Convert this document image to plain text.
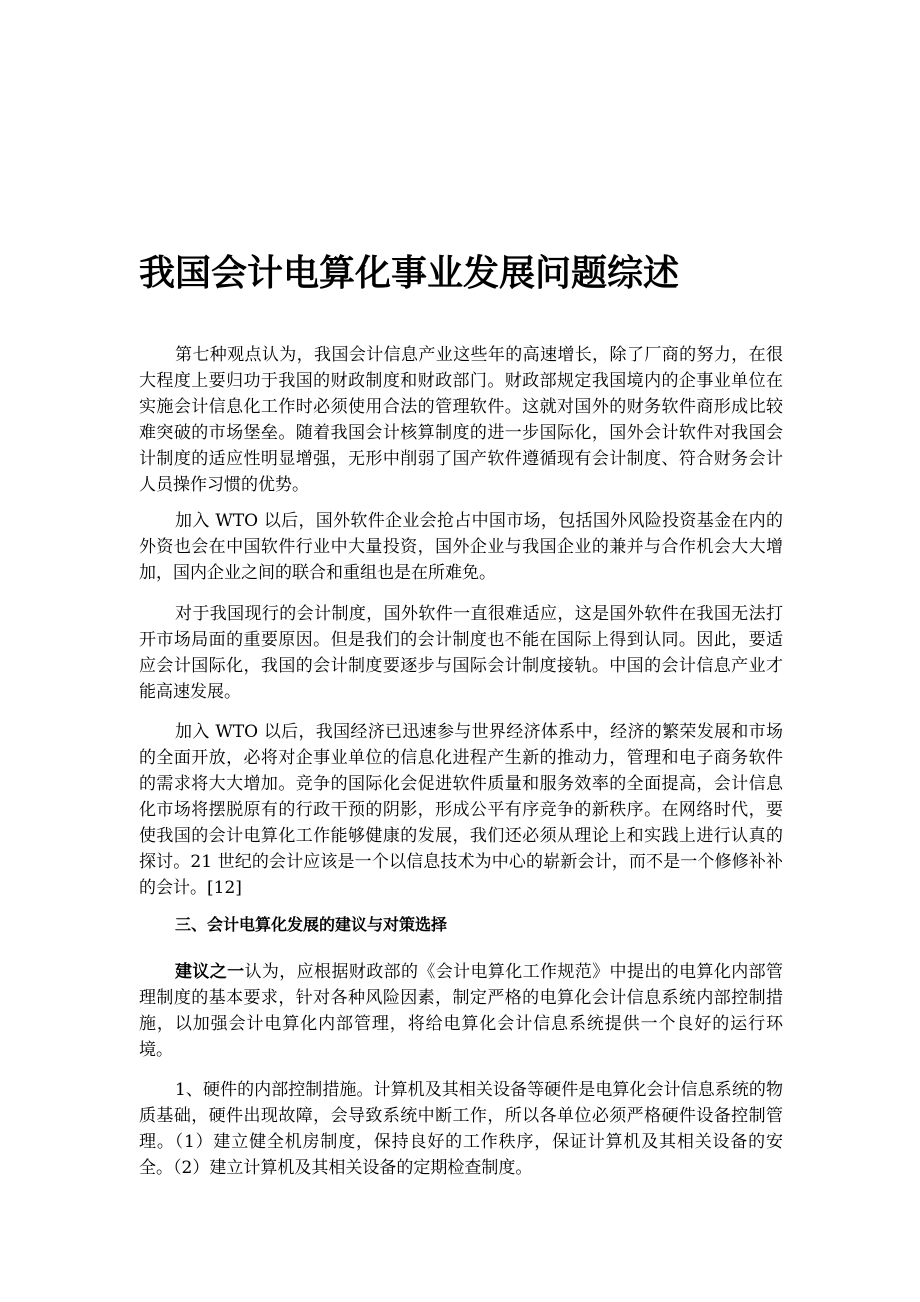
我国会计电算化事业发展问题综述

第七种观点认为，我国会计信息产业这些年的高速增长，除了厂商的努力，在很大程度上要归功于我国的财政制度和财政部门。财政部规定我国境内的企事业单位在实施会计信息化工作时必须使用合法的管理软件。这就对国外的财务软件商形成比较难突破的市场堡垒。随着我国会计核算制度的进一步国际化，国外会计软件对我国会计制度的适应性明显增强，无形中削弱了国产软件遵循现有会计制度、符合财务会计人员操作习惯的优势。

加入 WTO 以后，国外软件企业会抢占中国市场，包括国外风险投资基金在内的外资也会在中国软件行业中大量投资，国外企业与我国企业的兼并与合作机会大大增加，国内企业之间的联合和重组也是在所难免。

对于我国现行的会计制度，国外软件一直很难适应，这是国外软件在我国无法打开市场局面的重要原因。但是我们的会计制度也不能在国际上得到认同。因此，要适应会计国际化，我国的会计制度要逐步与国际会计制度接轨。中国的会计信息产业才能高速发展。

加入 WTO 以后，我国经济已迅速参与世界经济体系中，经济的繁荣发展和市场的全面开放，必将对企事业单位的信息化进程产生新的推动力，管理和电子商务软件的需求将大大增加。竞争的国际化会促进软件质量和服务效率的全面提高，会计信息化市场将摆脱原有的行政干预的阴影，形成公平有序竞争的新秩序。在网络时代，要使我国的会计电算化工作能够健康的发展，我们还必须从理论上和实践上进行认真的探讨。21 世纪的会计应该是一个以信息技术为中心的崭新会计，而不是一个修修补补的会计。[12]

三、会计电算化发展的建议与对策选择

建议之一认为，应根据财政部的《会计电算化工作规范》中提出的电算化内部管理制度的基本要求，针对各种风险因素，制定严格的电算化会计信息系统内部控制措施，以加强会计电算化内部管理，将给电算化会计信息系统提供一个良好的运行环境。

1、硬件的内部控制措施。计算机及其相关设备等硬件是电算化会计信息系统的物质基础，硬件出现故障，会导致系统中断工作，所以各单位必须严格硬件设备控制管理。（1）建立健全机房制度，保持良好的工作秩序，保证计算机及其相关设备的安全。（2）建立计算机及其相关设备的定期检查制度。
